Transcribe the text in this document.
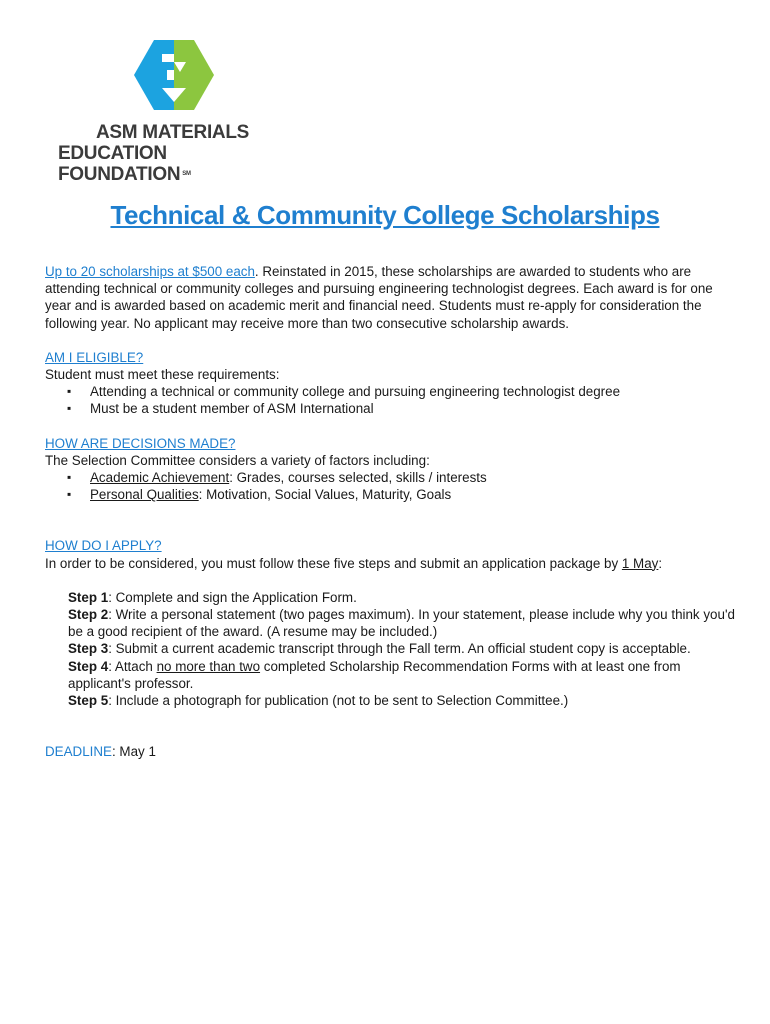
ASM MATERIALS
EDUCATION FOUNDATION ℠
Technical & Community College Scholarships

Up to 20 scholarships at $500 each. Reinstated in 2015, these scholarships are awarded to students who are attending technical or community colleges and pursuing engineering technologist degrees. Each award is for one year and is awarded based on academic merit and financial need. Students must re-apply for consideration the following year. No applicant may receive more than two consecutive scholarship awards.

AM I ELIGIBLE?

Student must meet these requirements:

▪ Attending a technical or community college and pursuing engineering technologist degree
▪ Must be a student member of ASM International
HOW ARE DECISIONS MADE?

The Selection Committee considers a variety of factors including:

▪ Academic Achievement: Grades, courses selected, skills / interests
▪ Personal Qualities: Motivation, Social Values, Maturity, Goals
HOW DO I APPLY?

In order to be considered, you must follow these five steps and submit an application package by 1 May:

Step 1: Complete and sign the Application Form.

Step 2: Write a personal statement (two pages maximum). In your statement, please include why you think you'd be a good recipient of the award. (A resume may be included.)

Step 3: Submit a current academic transcript through the Fall term. An official student copy is acceptable.

Step 4: Attach no more than two completed Scholarship Recommendation Forms with at least one from applicant's professor.

Step 5: Include a photograph for publication (not to be sent to Selection Committee.)

DEADLINE: May 1
